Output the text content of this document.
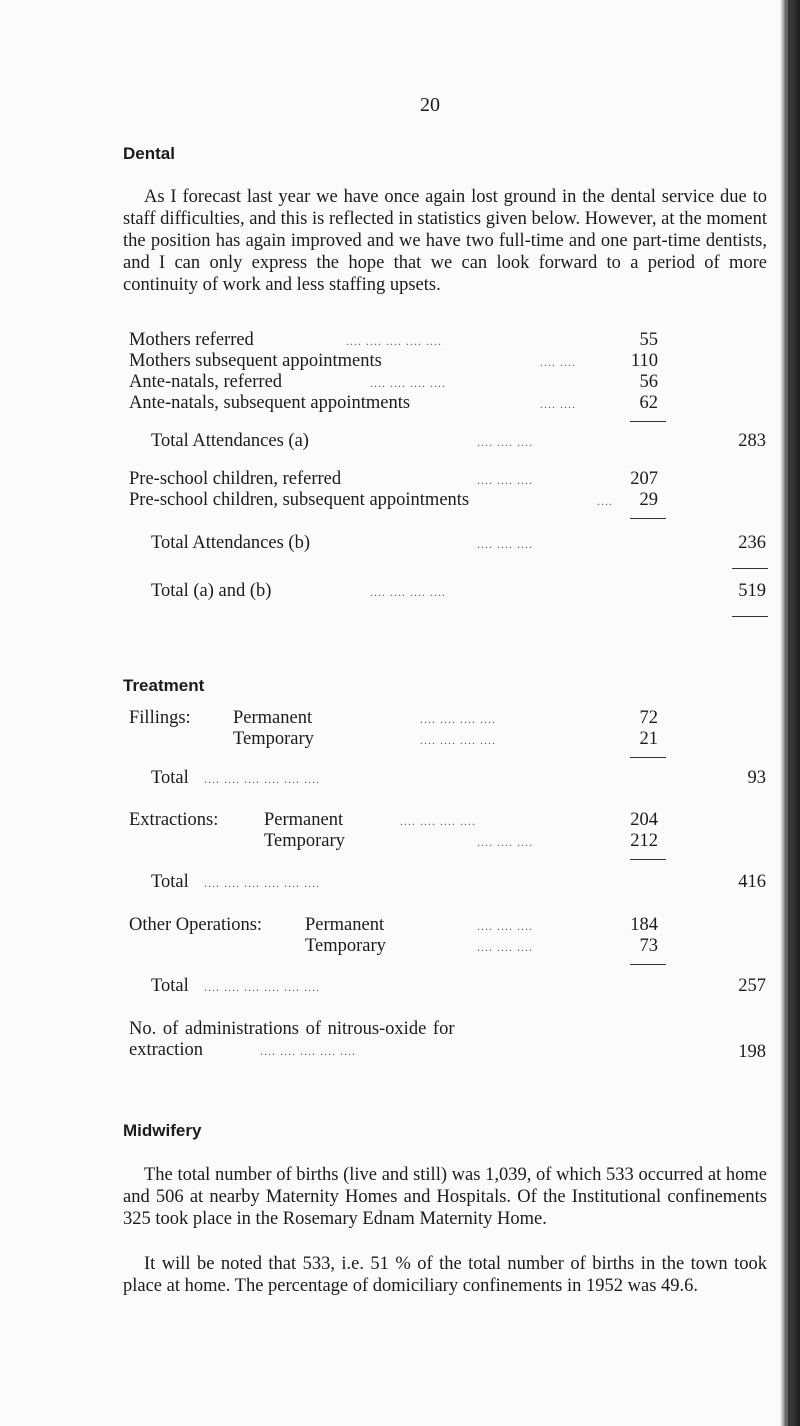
20
Dental

As I forecast last year we have once again lost ground in the dental service due to staff difficulties, and this is reflected in statistics given below. However, at the moment the position has again improved and we have two full-time and one part-time dentists, and I can only express the hope that we can look forward to a period of more continuity of work and less staffing upsets.

Mothers referred	.... .... .... .... ....	55
Mothers subsequent appointments	.... ....	110
Ante-natals, referred	.... .... .... ....	56
Ante-natals, subsequent appointments	.... ....	62
Total Attendances (a)	.... .... ....	283
Pre-school children, referred	.... .... ....	207
Pre-school children, subsequent appointments	....	29
Total Attendances (b)	.... .... ....	236
Total (a) and (b)	.... .... .... ....	519
Treatment
Fillings: Permanent	.... .... .... ....	72
Temporary	.... .... .... ....	21
Total .... .... .... .... .... ....	93
Extractions: Permanent	.... .... .... ....	204
Temporary	.... .... ....	212
Total .... .... .... .... .... ....	416
Other Operations: Permanent	.... .... ....	184
Temporary	.... .... ....	73
Total .... .... .... .... .... ....	257
No. of administrations of nitrous-oxide for
extraction	.... .... .... .... ....	198
Midwifery

The total number of births (live and still) was 1,039, of which 533 occurred at home and 506 at nearby Maternity Homes and Hospitals. Of the Institutional confinements 325 took place in the Rosemary Ednam Maternity Home.

It will be noted that 533, i.e. 51 % of the total number of births in the town took place at home. The percentage of domiciliary confinements in 1952 was 49.6.
